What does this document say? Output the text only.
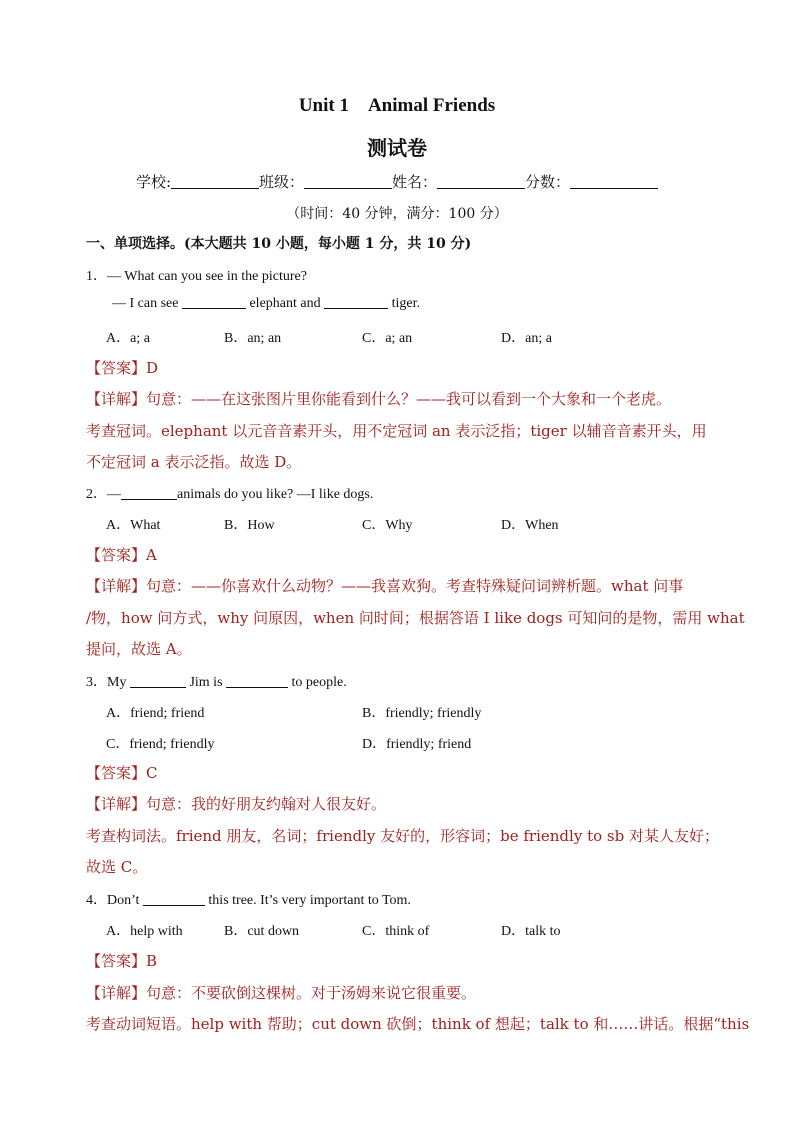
Unit 1　Animal Friends
测试卷
学校:	班级：	姓名：	分数：
（时间：40 分钟，满分：100 分）
一、单项选择。(本大题共 10 小题，每小题 1 分，共 10 分)
1．— What can you see in the picture?
— I can see	elephant and	tiger.
A．a; a	B．an; an	C．a; an	D．an; a
【答案】D
【详解】句意：——在这张图片里你能看到什么？——我可以看到一个大象和一个老虎。
考查冠词。elephant 以元音音素开头，用不定冠词 an 表示泛指；tiger 以辅音音素开头，用
不定冠词 a 表示泛指。故选 D。
2．—	animals do you like? —I like dogs.
A．What	B．How	C．Why	D．When
【答案】A
【详解】句意：——你喜欢什么动物？——我喜欢狗。考查特殊疑问词辨析题。what 问事
/物，how 问方式，why 问原因，when 问时间；根据答语 I like dogs 可知问的是物，需用 what
提问，故选 A。
3．My	Jim is	to people.
A．friend; friend	B．friendly; friendly
C．friend; friendly	D．friendly; friend
【答案】C
【详解】句意：我的好朋友约翰对人很友好。
考查构词法。friend 朋友，名词；friendly 友好的，形容词；be friendly to sb 对某人友好；
故选 C。
4．Don’t	this tree. It’s very important to Tom.
A．help with	B．cut down	C．think of	D．talk to
【答案】B
【详解】句意：不要砍倒这棵树。对于汤姆来说它很重要。
考查动词短语。help with 帮助；cut down 砍倒；think of 想起；talk to 和……讲话。根据“this
